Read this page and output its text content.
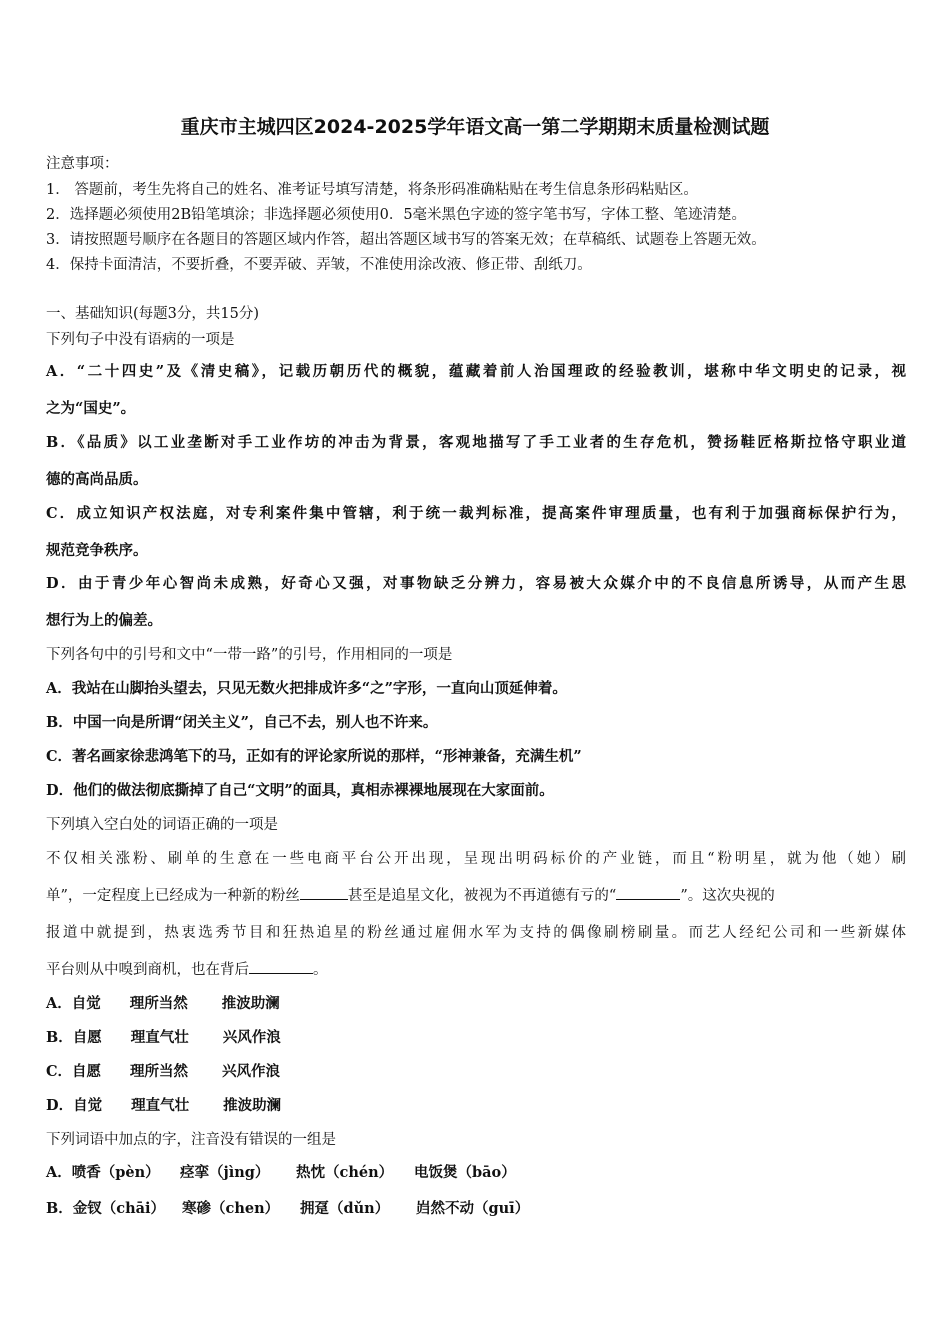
重庆市主城四区2024-2025学年语文高一第二学期期末质量检测试题
注意事项：
1． 答题前，考生先将自己的姓名、准考证号填写清楚，将条形码准确粘贴在考生信息条形码粘贴区。
2．选择题必须使用2B铅笔填涂；非选择题必须使用0．5毫米黑色字迹的签字笔书写，字体工整、笔迹清楚。
3．请按照题号顺序在各题目的答题区域内作答，超出答题区域书写的答案无效；在草稿纸、试题卷上答题无效。
4．保持卡面清洁，不要折叠，不要弄破、弄皱，不准使用涂改液、修正带、刮纸刀。
一、基础知识(每题3分，共15分)
下列句子中没有语病的一项是
A．“二十四史”及《清史稿》，记载历朝历代的概貌，蕴藏着前人治国理政的经验教训，堪称中华文明史的记录，视
之为“国史”。
B．《品质》以工业垄断对手工业作坊的冲击为背景，客观地描写了手工业者的生存危机，赞扬鞋匠格斯拉恪守职业道
德的高尚品质。
C．成立知识产权法庭，对专利案件集中管辖，利于统一裁判标准，提高案件审理质量，也有利于加强商标保护行为，
规范竞争秩序。
D．由于青少年心智尚未成熟，好奇心又强，对事物缺乏分辨力，容易被大众媒介中的不良信息所诱导，从而产生思
想行为上的偏差。
下列各句中的引号和文中“一带一路”的引号，作用相同的一项是
A．我站在山脚抬头望去，只见无数火把排成许多“之”字形，一直向山顶延伸着。
B．中国一向是所谓“闭关主义”，自己不去，别人也不许来。
C．著名画家徐悲鸿笔下的马，正如有的评论家所说的那样，“形神兼备，充满生机”
D．他们的做法彻底撕掉了自己“文明”的面具，真相赤裸裸地展现在大家面前。
下列填入空白处的词语正确的一项是
不仅相关涨粉、刷单的生意在一些电商平台公开出现，呈现出明码标价的产业链，而且“粉明星，就为他（她）刷
单”，一定程度上已经成为一种新的粉丝	甚至是追星文化，被视为不再道德有亏的“	”。这次央视的
报道中就提到，热衷选秀节目和狂热追星的粉丝通过雇佣水军为支持的偶像刷榜刷量。而艺人经纪公司和一些新媒体
平台则从中嗅到商机，也在背后	。
A．自觉 理所当然 推波助澜
B．自愿 理直气壮 兴风作浪
C．自愿 理所当然 兴风作浪
D．自觉 理直气壮 推波助澜
下列词语中加点的字，注音没有错误的一组是
A．喷香（pèn） 痉挛（jìng） 热忱（chén） 电饭煲（bāo）
B．金钗（chāi） 寒碜（chen） 拥趸（dǔn） 岿然不动（guī）
